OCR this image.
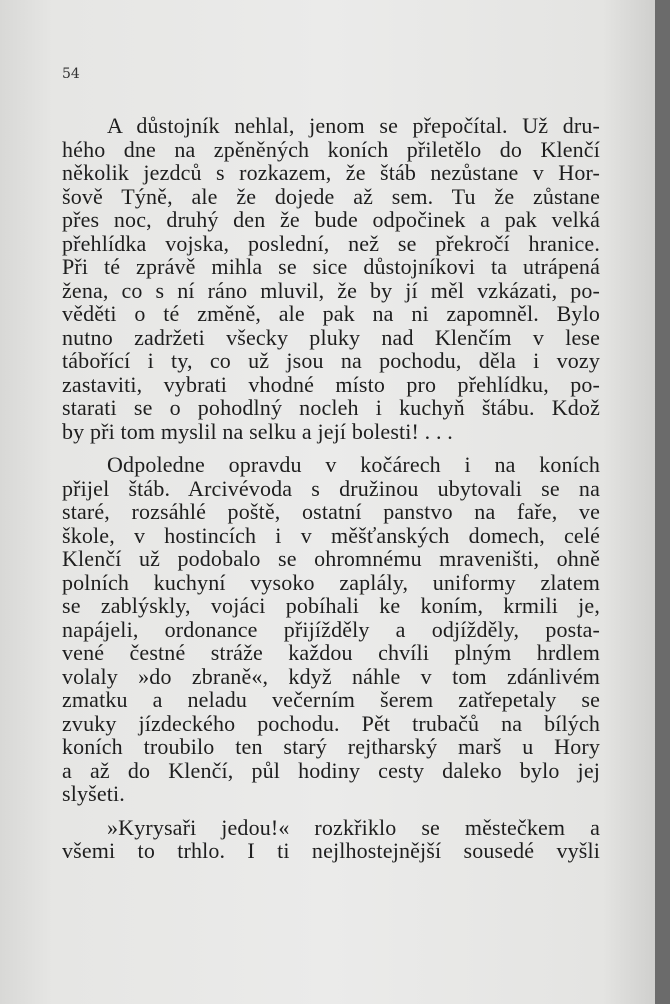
54
A důstojník nehlal, jenom se přepočítal. Už dru-
hého dne na zpěněných koních přiletělo do Klenčí
několik jezdců s rozkazem, že štáb nezůstane v Hor-
šově Týně, ale že dojede až sem. Tu že zůstane
přes noc, druhý den že bude odpočinek a pak velká
přehlídka vojska, poslední, než se překročí hranice.
Při té zprávě mihla se sice důstojníkovi ta utrápená
žena, co s ní ráno mluvil, že by jí měl vzkázati, po-
věděti o té změně, ale pak na ni zapomněl. Bylo
nutno zadržeti všecky pluky nad Klenčím v lese
tábořící i ty, co už jsou na pochodu, děla i vozy
zastaviti, vybrati vhodné místo pro přehlídku, po-
starati se o pohodlný nocleh i kuchyň štábu. Kdož
by při tom myslil na selku a její bolesti! . . .
Odpoledne opravdu v kočárech i na koních
přijel štáb. Arcivévoda s družinou ubytovali se na
staré, rozsáhlé poště, ostatní panstvo na faře, ve
škole, v hostincích i v měšťanských domech, celé
Klenčí už podobalo se ohromnému mraveništi, ohně
polních kuchyní vysoko zaplály, uniformy zlatem
se zablýskly, vojáci pobíhali ke koním, krmili je,
napájeli, ordonance přijížděly a odjížděly, posta-
vené čestné stráže každou chvíli plným hrdlem
volaly »do zbraně«, když náhle v tom zdánlivém
zmatku a neladu večerním šerem zatřepetaly se
zvuky jízdeckého pochodu. Pět trubačů na bílých
koních troubilo ten starý rejtharský marš u Hory
a až do Klenčí, půl hodiny cesty daleko bylo jej
slyšeti.
»Kyrysaři jedou!« rozkřiklo se městečkem a
všemi to trhlo. I ti nejlhostejnější sousedé vyšli
